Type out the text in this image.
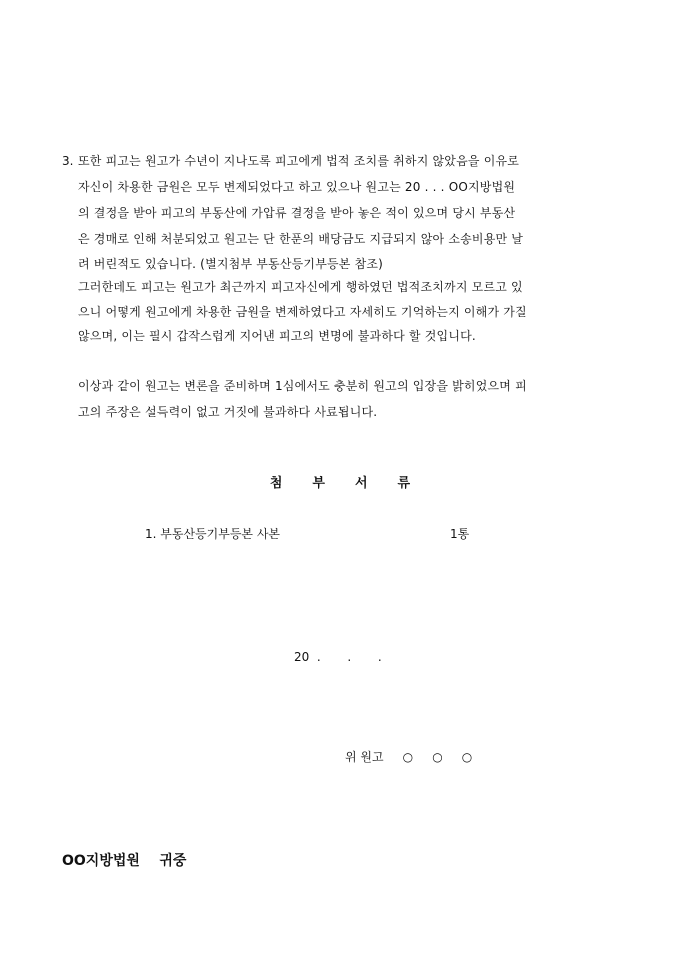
3. 또한 피고는 원고가 수년이 지나도록 피고에게 법적 조치를 취하지 않았음을 이유로
자신이 차용한 금원은 모두 변제되었다고 하고 있으나 원고는 20 . . . OO지방법원
의 결정을 받아 피고의 부동산에 가압류 결정을 받아 놓은 적이 있으며 당시 부동산
은 경매로 인해 처분되었고 원고는 단 한푼의 배당금도 지급되지 않아 소송비용만 날
려 버린적도 있습니다. (별지첨부 부동산등기부등본 참조)
그러한데도 피고는 원고가 최근까지 피고자신에게 행하였던 법적조치까지 모르고 있
으니 어떻게 원고에게 차용한 금원을 변제하였다고 자세히도 기억하는지 이해가 가질
않으며, 이는 필시 갑작스럽게 지어낸 피고의 변명에 불과하다 할 것입니다.
이상과 같이 원고는 변론을 준비하며 1심에서도 충분히 원고의 입장을 밝히었으며 피
고의 주장은 설득력이 없고 거짓에 불과하다 사료됩니다.
첨부서류
1. 부동산등기부등본 사본	1통
20  .       .       .
위 원고     ○     ○     ○
OO지방법원    귀중
